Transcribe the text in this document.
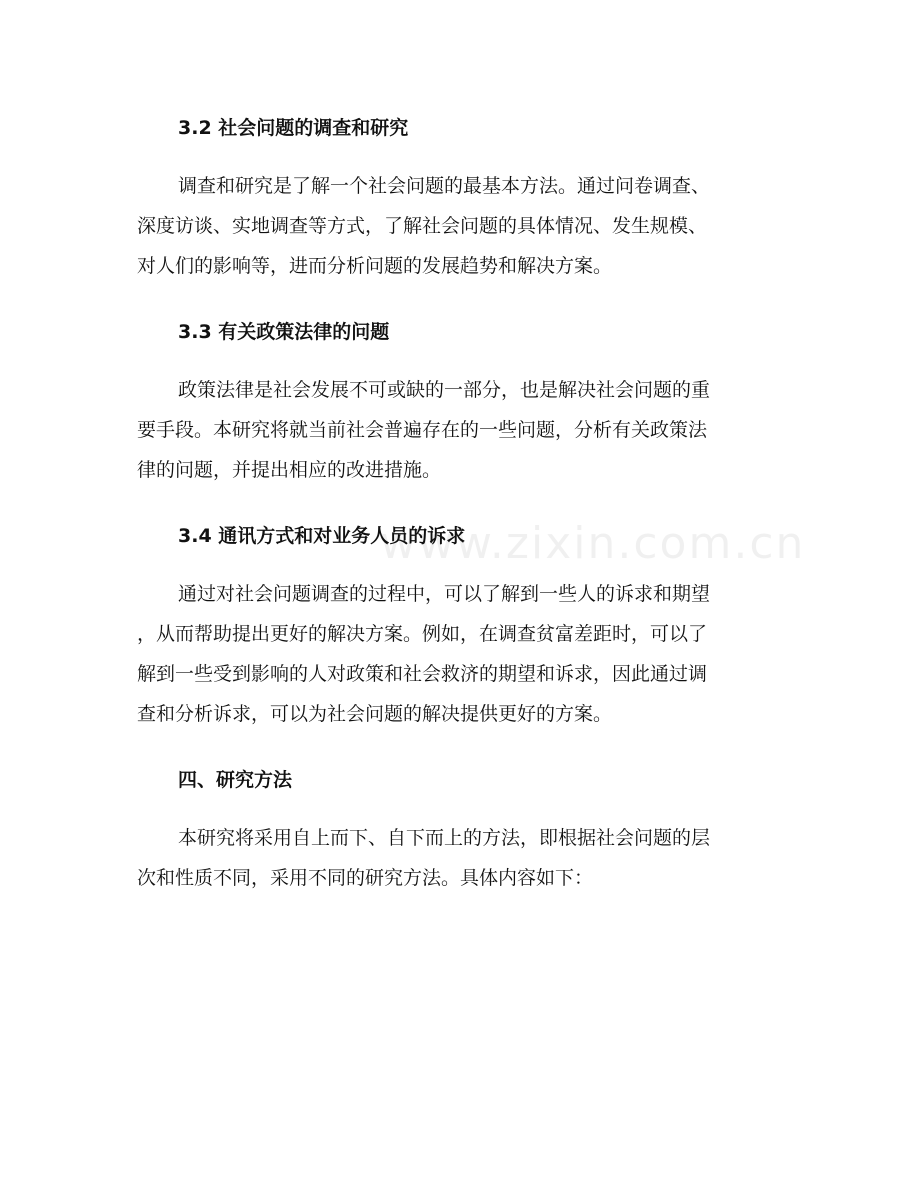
3.2 社会问题的调查和研究

调查和研究是了解一个社会问题的最基本方法。通过问卷调查、
深度访谈、实地调查等方式，了解社会问题的具体情况、发生规模、
对人们的影响等，进而分析问题的发展趋势和解决方案。

3.3 有关政策法律的问题

政策法律是社会发展不可或缺的一部分，也是解决社会问题的重
要手段。本研究将就当前社会普遍存在的一些问题，分析有关政策法
律的问题，并提出相应的改进措施。

3.4 通讯方式和对业务人员的诉求

通过对社会问题调查的过程中，可以了解到一些人的诉求和期望
，从而帮助提出更好的解决方案。例如，在调查贫富差距时，可以了
解到一些受到影响的人对政策和社会救济的期望和诉求，因此通过调
查和分析诉求，可以为社会问题的解决提供更好的方案。

四、研究方法

本研究将采用自上而下、自下而上的方法，即根据社会问题的层
次和性质不同，采用不同的研究方法。具体内容如下：

www.zixin.com.cn
